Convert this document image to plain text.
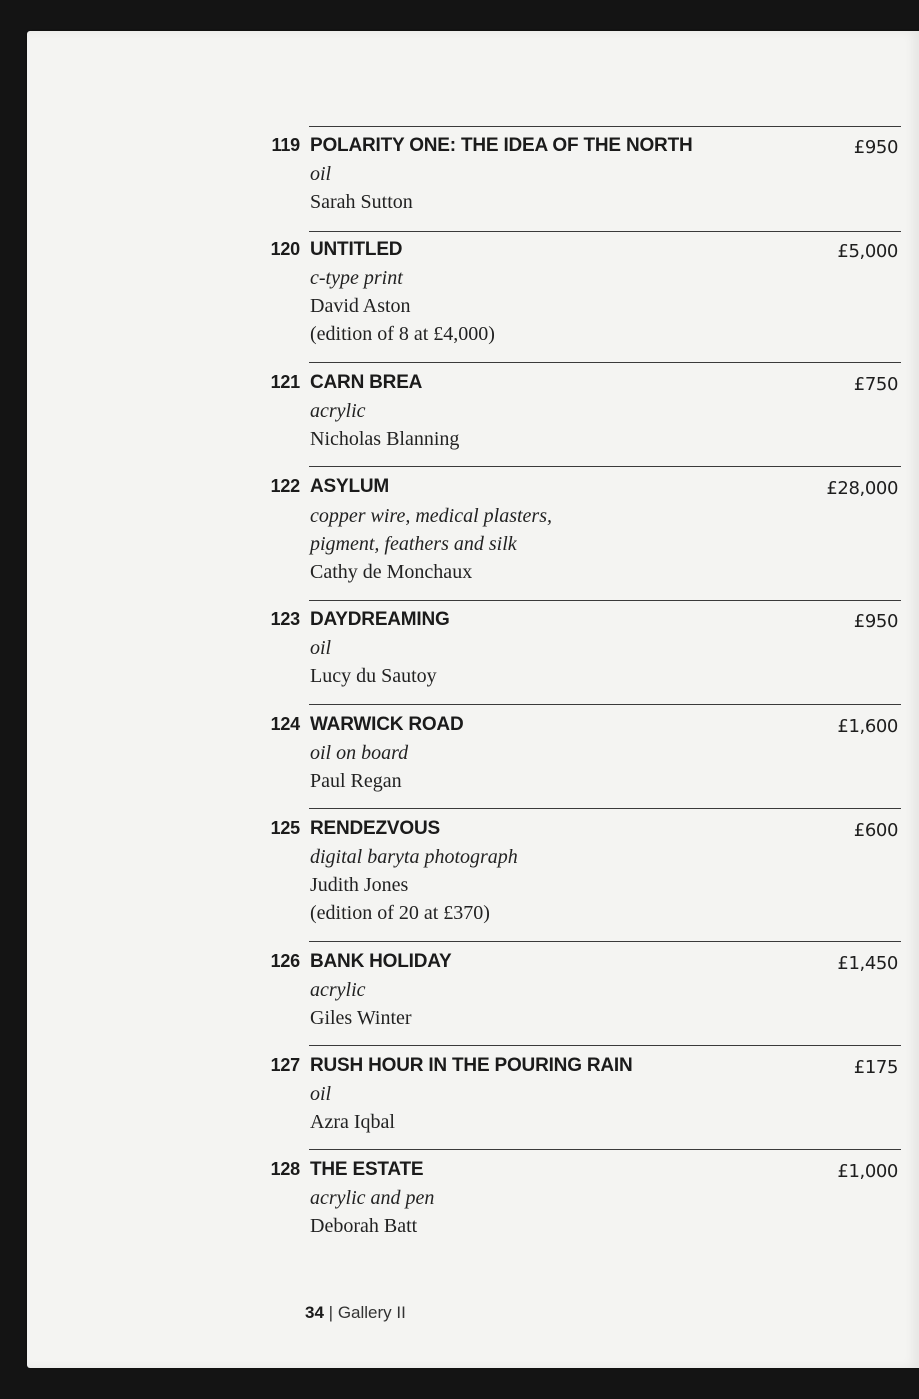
119 POLARITY ONE: THE IDEA OF THE NORTH	£950
oil
Sarah Sutton
120 UNTITLED	£5,000
c-type print
David Aston
(edition of 8 at £4,000)
121 CARN BREA	£750
acrylic
Nicholas Blanning
122 ASYLUM	£28,000
copper wire, medical plasters,
pigment, feathers and silk
Cathy de Monchaux
123 DAYDREAMING	£950
oil
Lucy du Sautoy
124 WARWICK ROAD	£1,600
oil on board
Paul Regan
125 RENDEZVOUS	£600
digital baryta photograph
Judith Jones
(edition of 20 at £370)
126 BANK HOLIDAY	£1,450
acrylic
Giles Winter
127 RUSH HOUR IN THE POURING RAIN	£175
oil
Azra Iqbal
128 THE ESTATE	£1,000
acrylic and pen
Deborah Batt
34 | Gallery II
